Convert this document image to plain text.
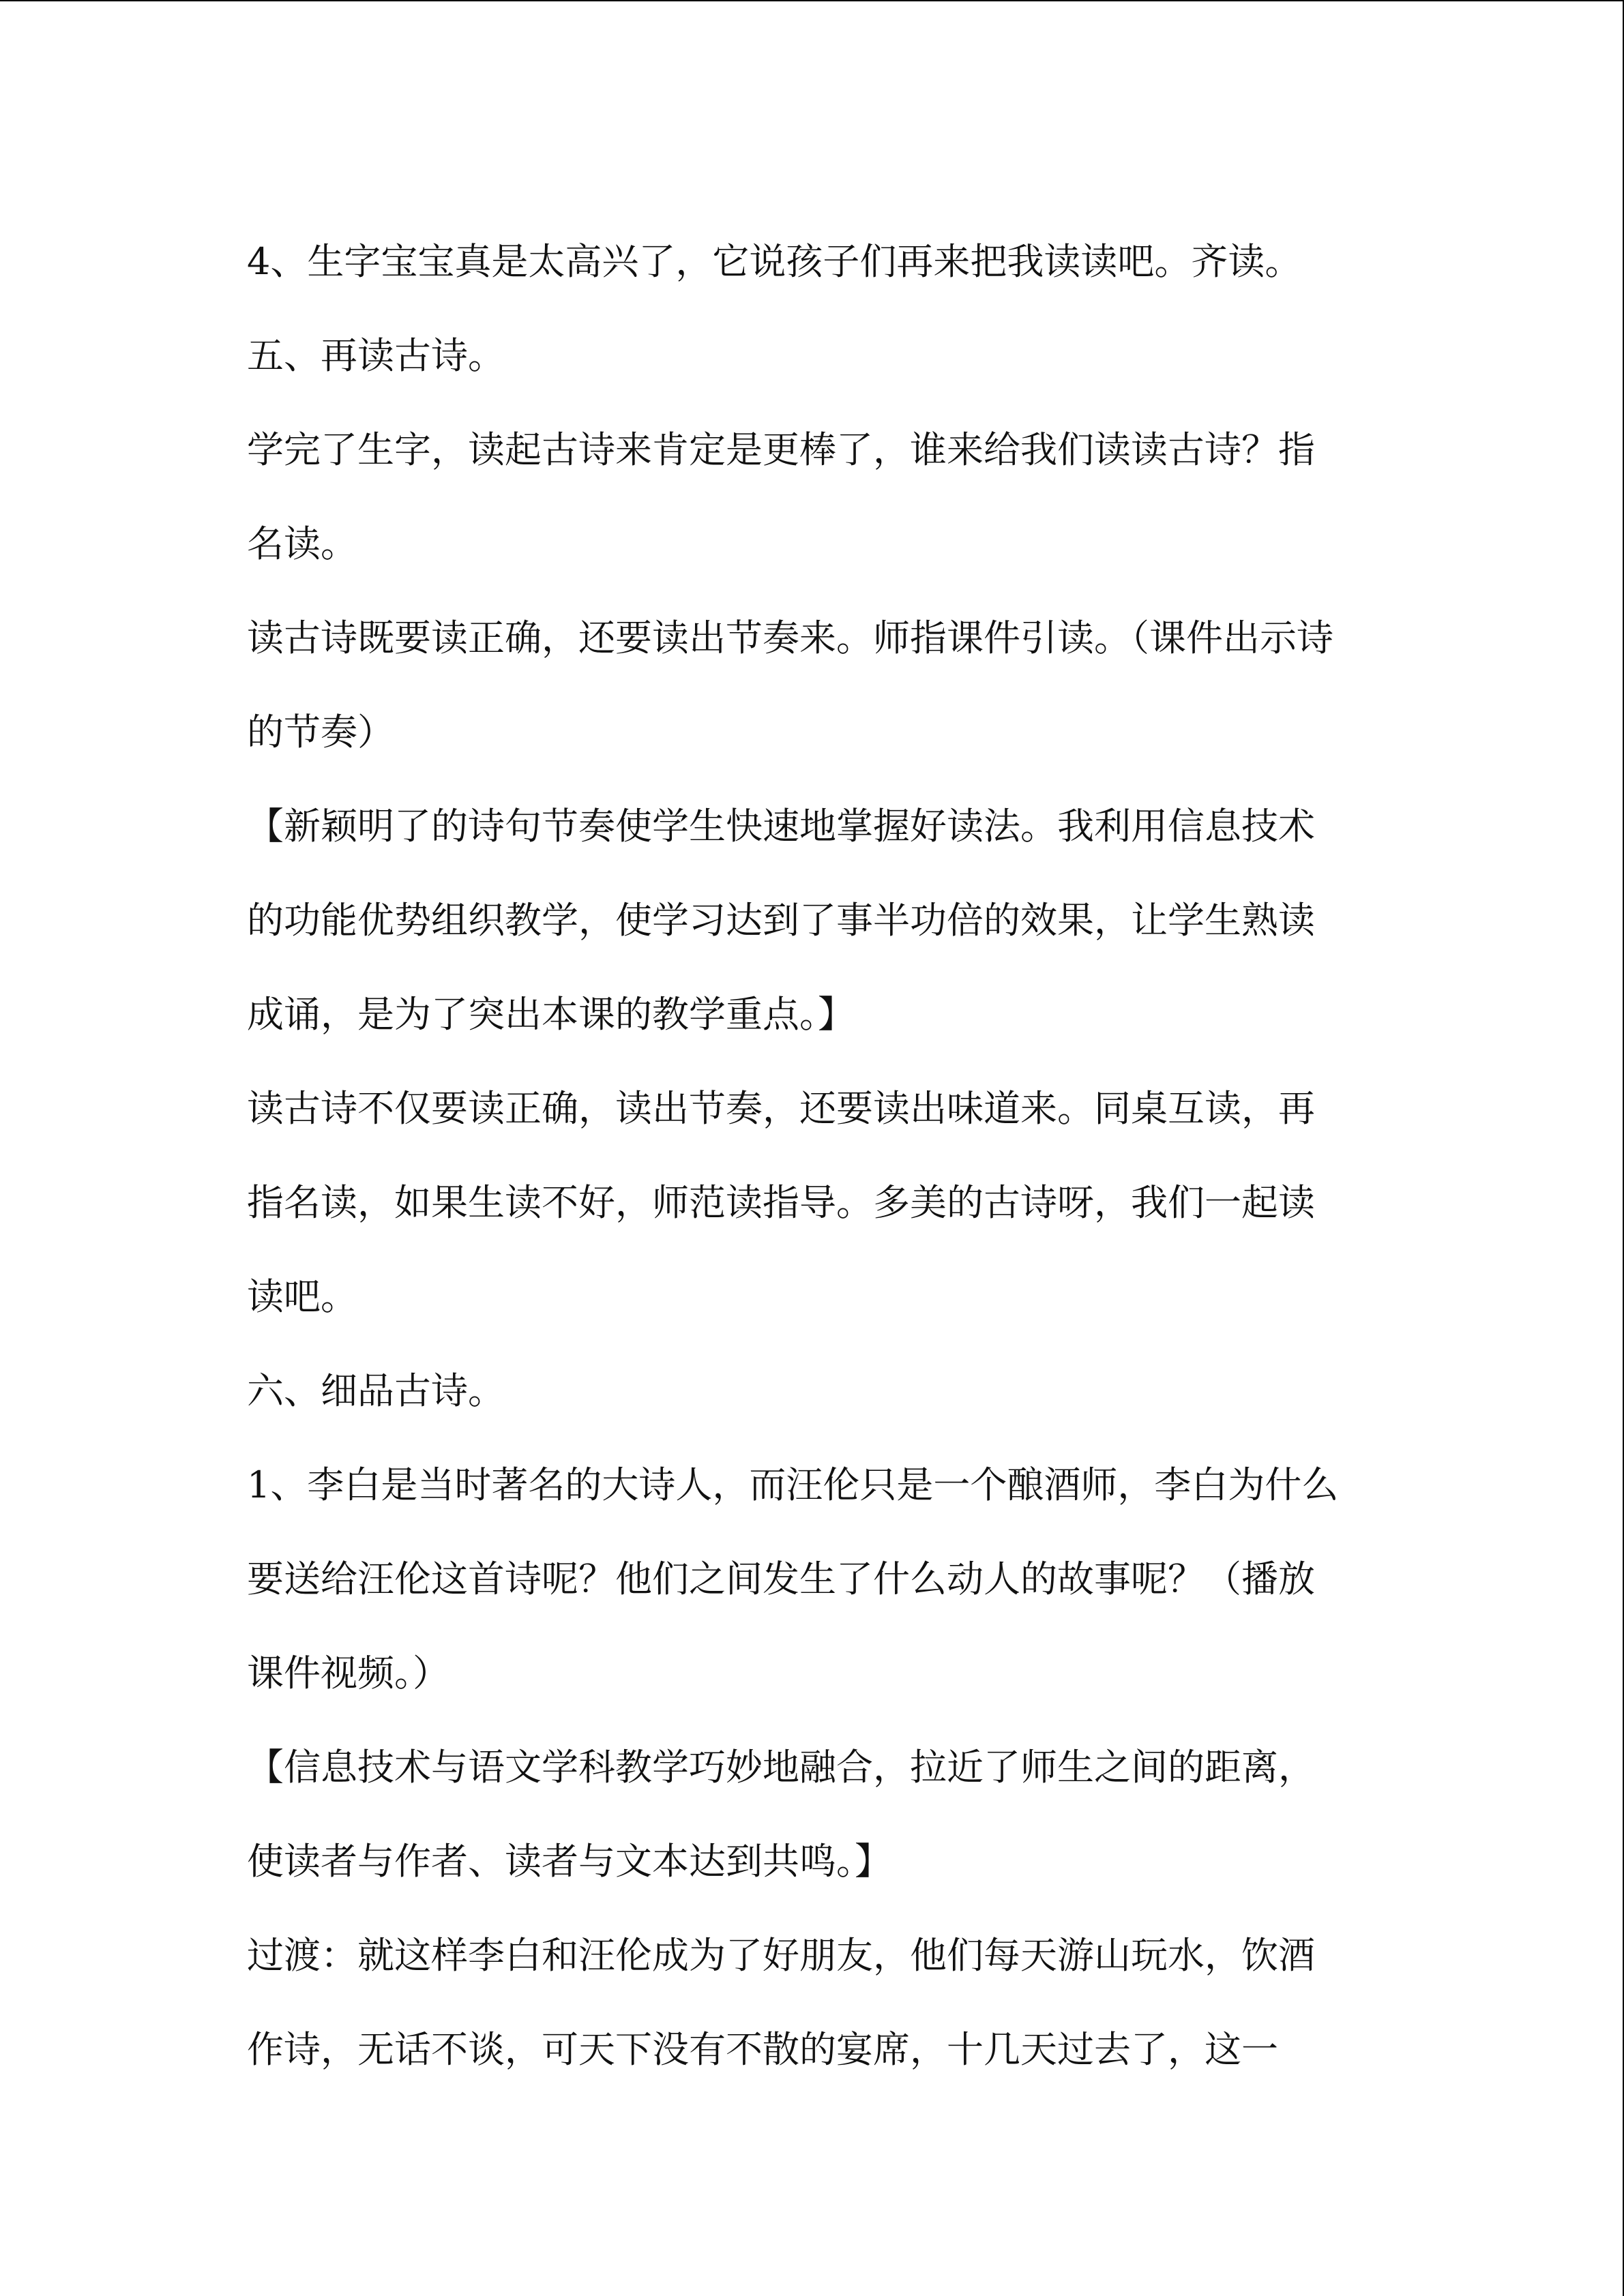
4、生字宝宝真是太高兴了，它说孩子们再来把我读读吧。齐读。
五、再读古诗。
学完了生字，读起古诗来肯定是更棒了，谁来给我们读读古诗？指
名读。
读古诗既要读正确，还要读出节奏来。师指课件引读。（课件出示诗
的节奏）
【新颖明了的诗句节奏使学生快速地掌握好读法。我利用信息技术
的功能优势组织教学，使学习达到了事半功倍的效果，让学生熟读
成诵，是为了突出本课的教学重点。】
读古诗不仅要读正确，读出节奏，还要读出味道来。同桌互读，再
指名读，如果生读不好，师范读指导。多美的古诗呀，我们一起读
读吧。
六、细品古诗。
1、李白是当时著名的大诗人，而汪伦只是一个酿酒师，李白为什么
要送给汪伦这首诗呢？他们之间发生了什么动人的故事呢？（播放
课件视频。）
【信息技术与语文学科教学巧妙地融合，拉近了师生之间的距离，
使读者与作者、读者与文本达到共鸣。】
过渡：就这样李白和汪伦成为了好朋友，他们每天游山玩水，饮酒
作诗，无话不谈，可天下没有不散的宴席，十几天过去了，这一
